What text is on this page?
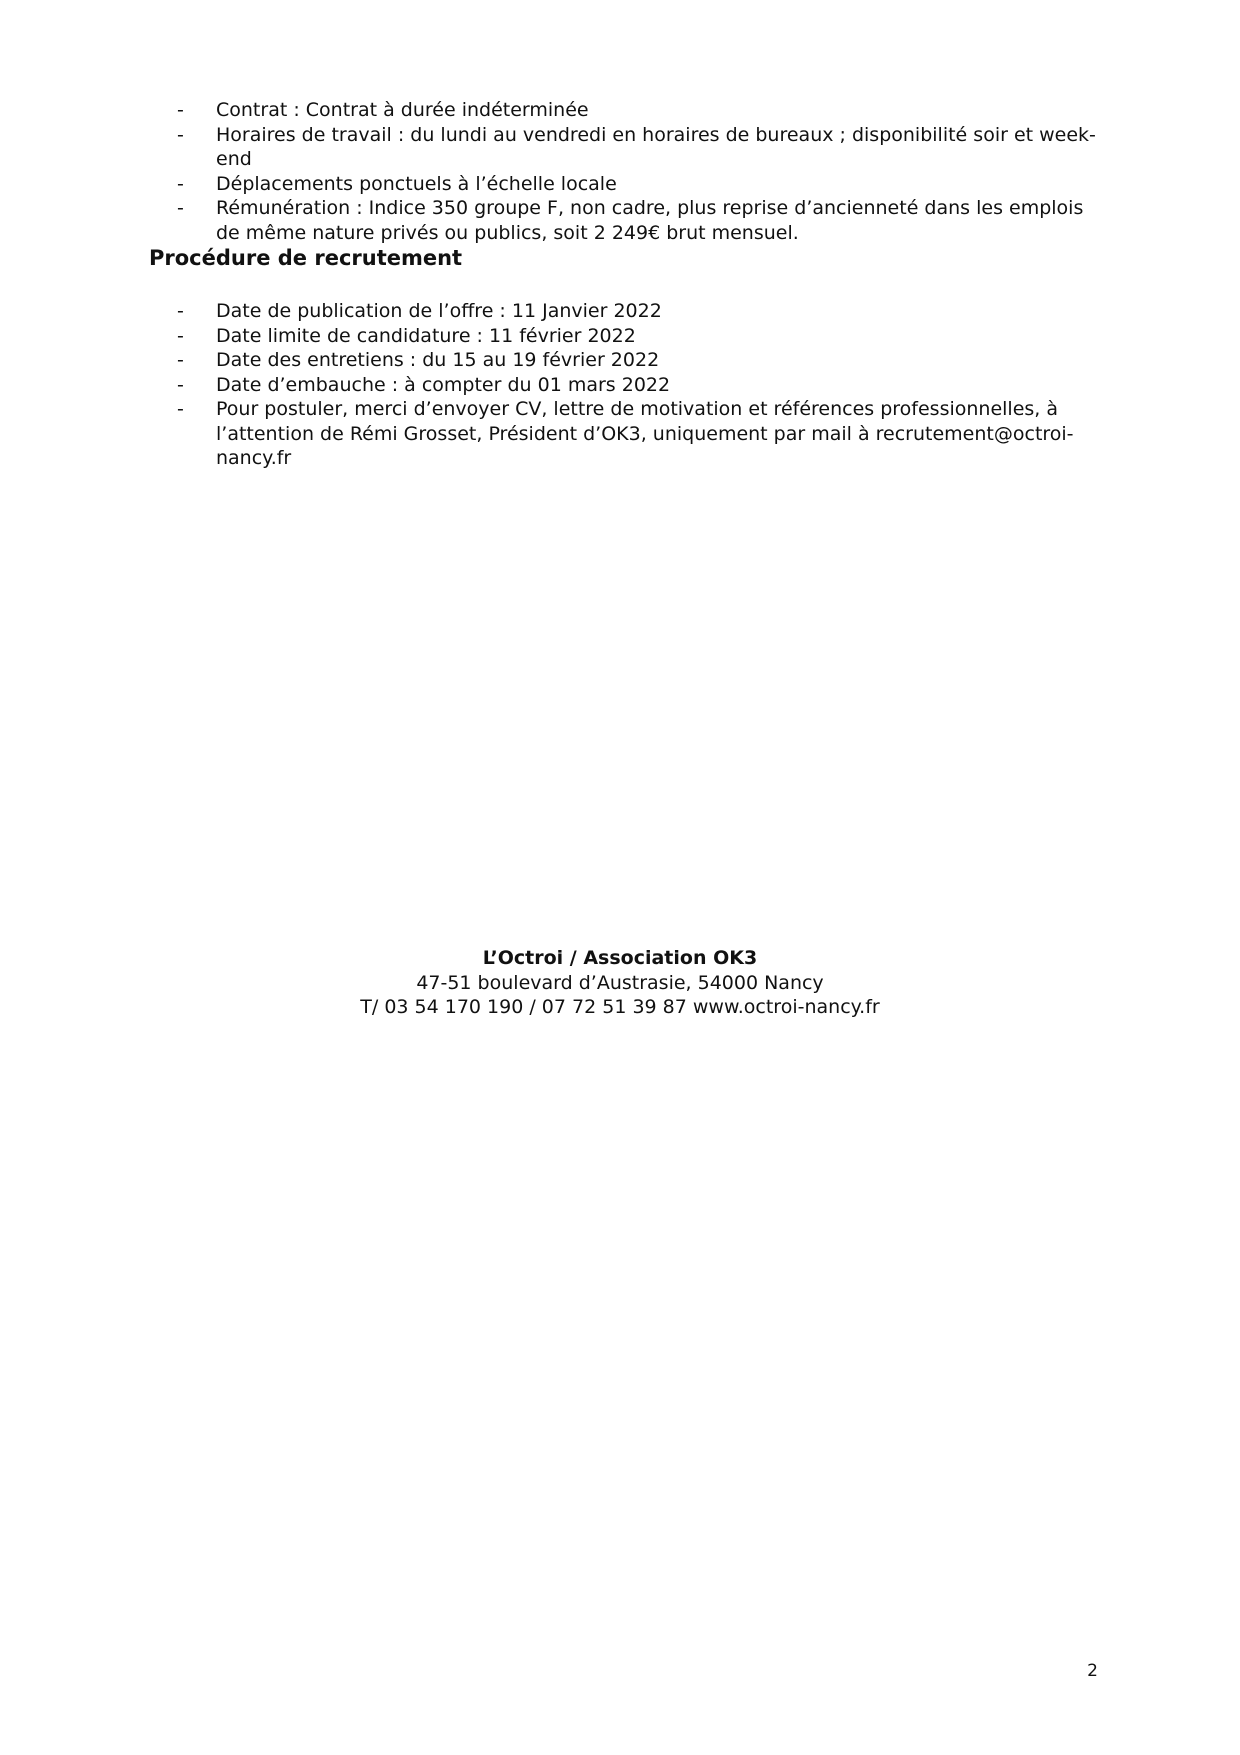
- Contrat : Contrat à durée indéterminée
- Horaires de travail : du lundi au vendredi en horaires de bureaux ; disponibilité soir et week-end
- Déplacements ponctuels à l’échelle locale
- Rémunération : Indice 350 groupe F, non cadre, plus reprise d’ancienneté dans les emplois de même nature privés ou publics, soit 2 249€ brut mensuel.
Procédure de recrutement
- Date de publication de l’offre : 11 Janvier 2022
- Date limite de candidature : 11 février 2022
- Date des entretiens : du 15 au 19 février 2022
- Date d’embauche : à compter du 01 mars 2022
- Pour postuler, merci d’envoyer CV, lettre de motivation et références professionnelles, à l’attention de Rémi Grosset, Président d’OK3, uniquement par mail à recrutement@octroi-nancy.fr
L’Octroi / Association OK3
47-51 boulevard d’Austrasie, 54000 Nancy
T/ 03 54 170 190 / 07 72 51 39 87 www.octroi-nancy.fr
2
